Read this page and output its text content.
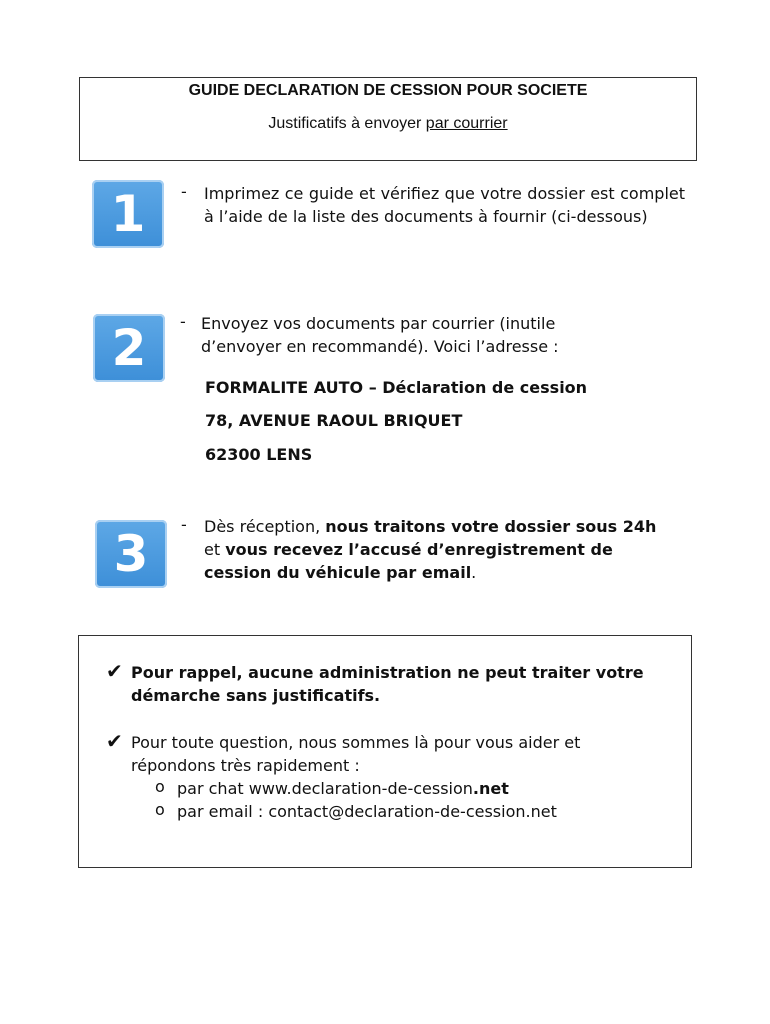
GUIDE DECLARATION DE CESSION POUR SOCIETE
Justificatifs à envoyer par courrier
1	- Imprimez ce guide et vérifiez que votre dossier est complet à l’aide de la liste des documents à fournir (ci-dessous)
2	- Envoyez vos documents par courrier (inutile
d’envoyer en recommandé). Voici l’adresse :
FORMALITE AUTO – Déclaration de cession
78, AVENUE RAOUL BRIQUET
62300 LENS
3
- Dès réception, nous traitons votre dossier sous 24h et vous recevez l’accusé d’enregistrement de cession du véhicule par email.
✔ Pour rappel, aucune administration ne peut traiter votre démarche sans justificatifs.
✔ Pour toute question, nous sommes là pour vous aider et
répondons très rapidement :
o par chat www.declaration-de-cession.net
o par email : contact@declaration-de-cession.net
